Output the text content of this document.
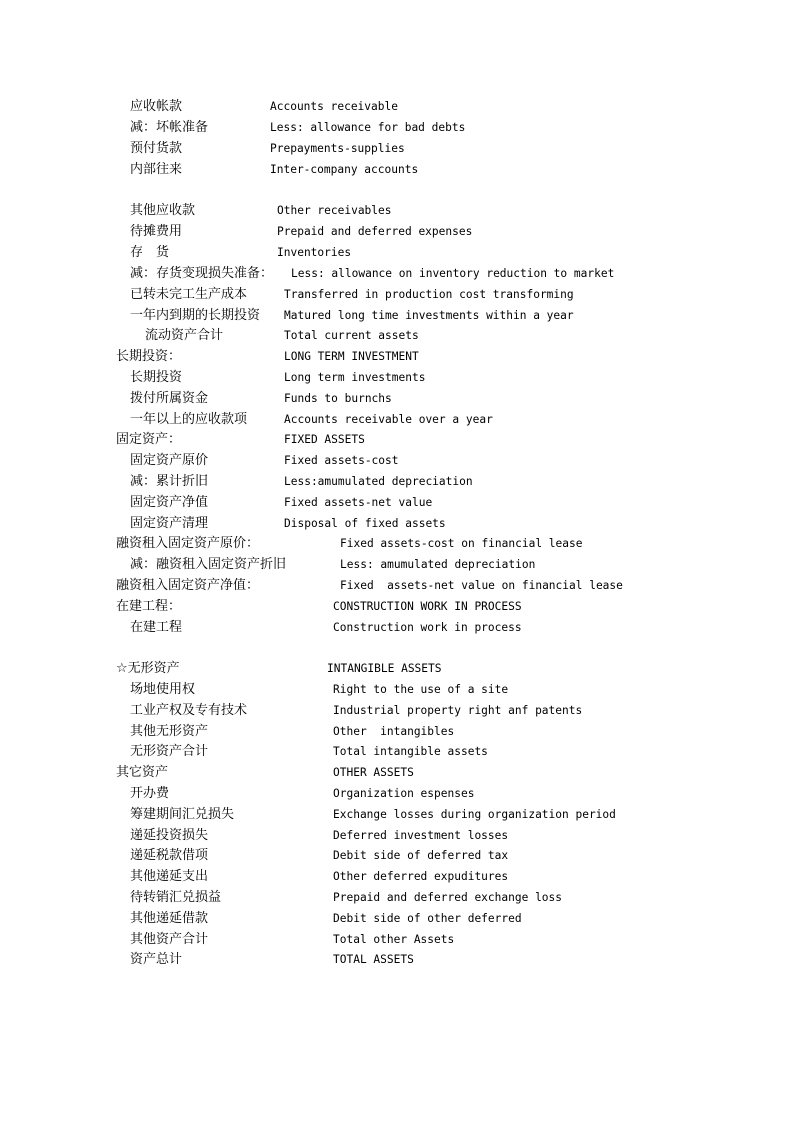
应收帐款	Accounts receivable
减：坏帐准备	Less: allowance for bad debts
预付货款	Prepayments-supplies
内部往来	Inter-company accounts
其他应收款	Other receivables
待摊费用	Prepaid and deferred expenses
存　货	Inventories
减：存货变现损失准备： Less: allowance on inventory reduction to market
已转未完工生产成本	Transferred in production cost transforming
一年内到期的长期投资 Matured long time investments within a year
流动资产合计	Total current assets
长期投资：	LONG TERM INVESTMENT
长期投资	Long term investments
拨付所属资金	Funds to burnchs
一年以上的应收款项	Accounts receivable over a year
固定资产：	FIXED ASSETS
固定资产原价	Fixed assets-cost
减：累计折旧	Less:amumulated depreciation
固定资产净值	Fixed assets-net value
固定资产清理	Disposal of fixed assets
融资租入固定资产原价：	Fixed assets-cost on financial lease
减：融资租入固定资产折旧	Less: amumulated depreciation
融资租入固定资产净值：	Fixed  assets-net value on financial lease
在建工程：	CONSTRUCTION WORK IN PROCESS
在建工程	Construction work in process
☆无形资产	INTANGIBLE ASSETS
场地使用权	Right to the use of a site
工业产权及专有技术	Industrial property right anf patents
其他无形资产	Other  intangibles
无形资产合计	Total intangible assets
其它资产	OTHER ASSETS
开办费	Organization espenses
筹建期间汇兑损失	Exchange losses during organization period
递延投资损失	Deferred investment losses
递延税款借项	Debit side of deferred tax
其他递延支出	Other deferred expuditures
待转销汇兑损益	Prepaid and deferred exchange loss
其他递延借款	Debit side of other deferred
其他资产合计	Total other Assets
资产总计	TOTAL ASSETS
